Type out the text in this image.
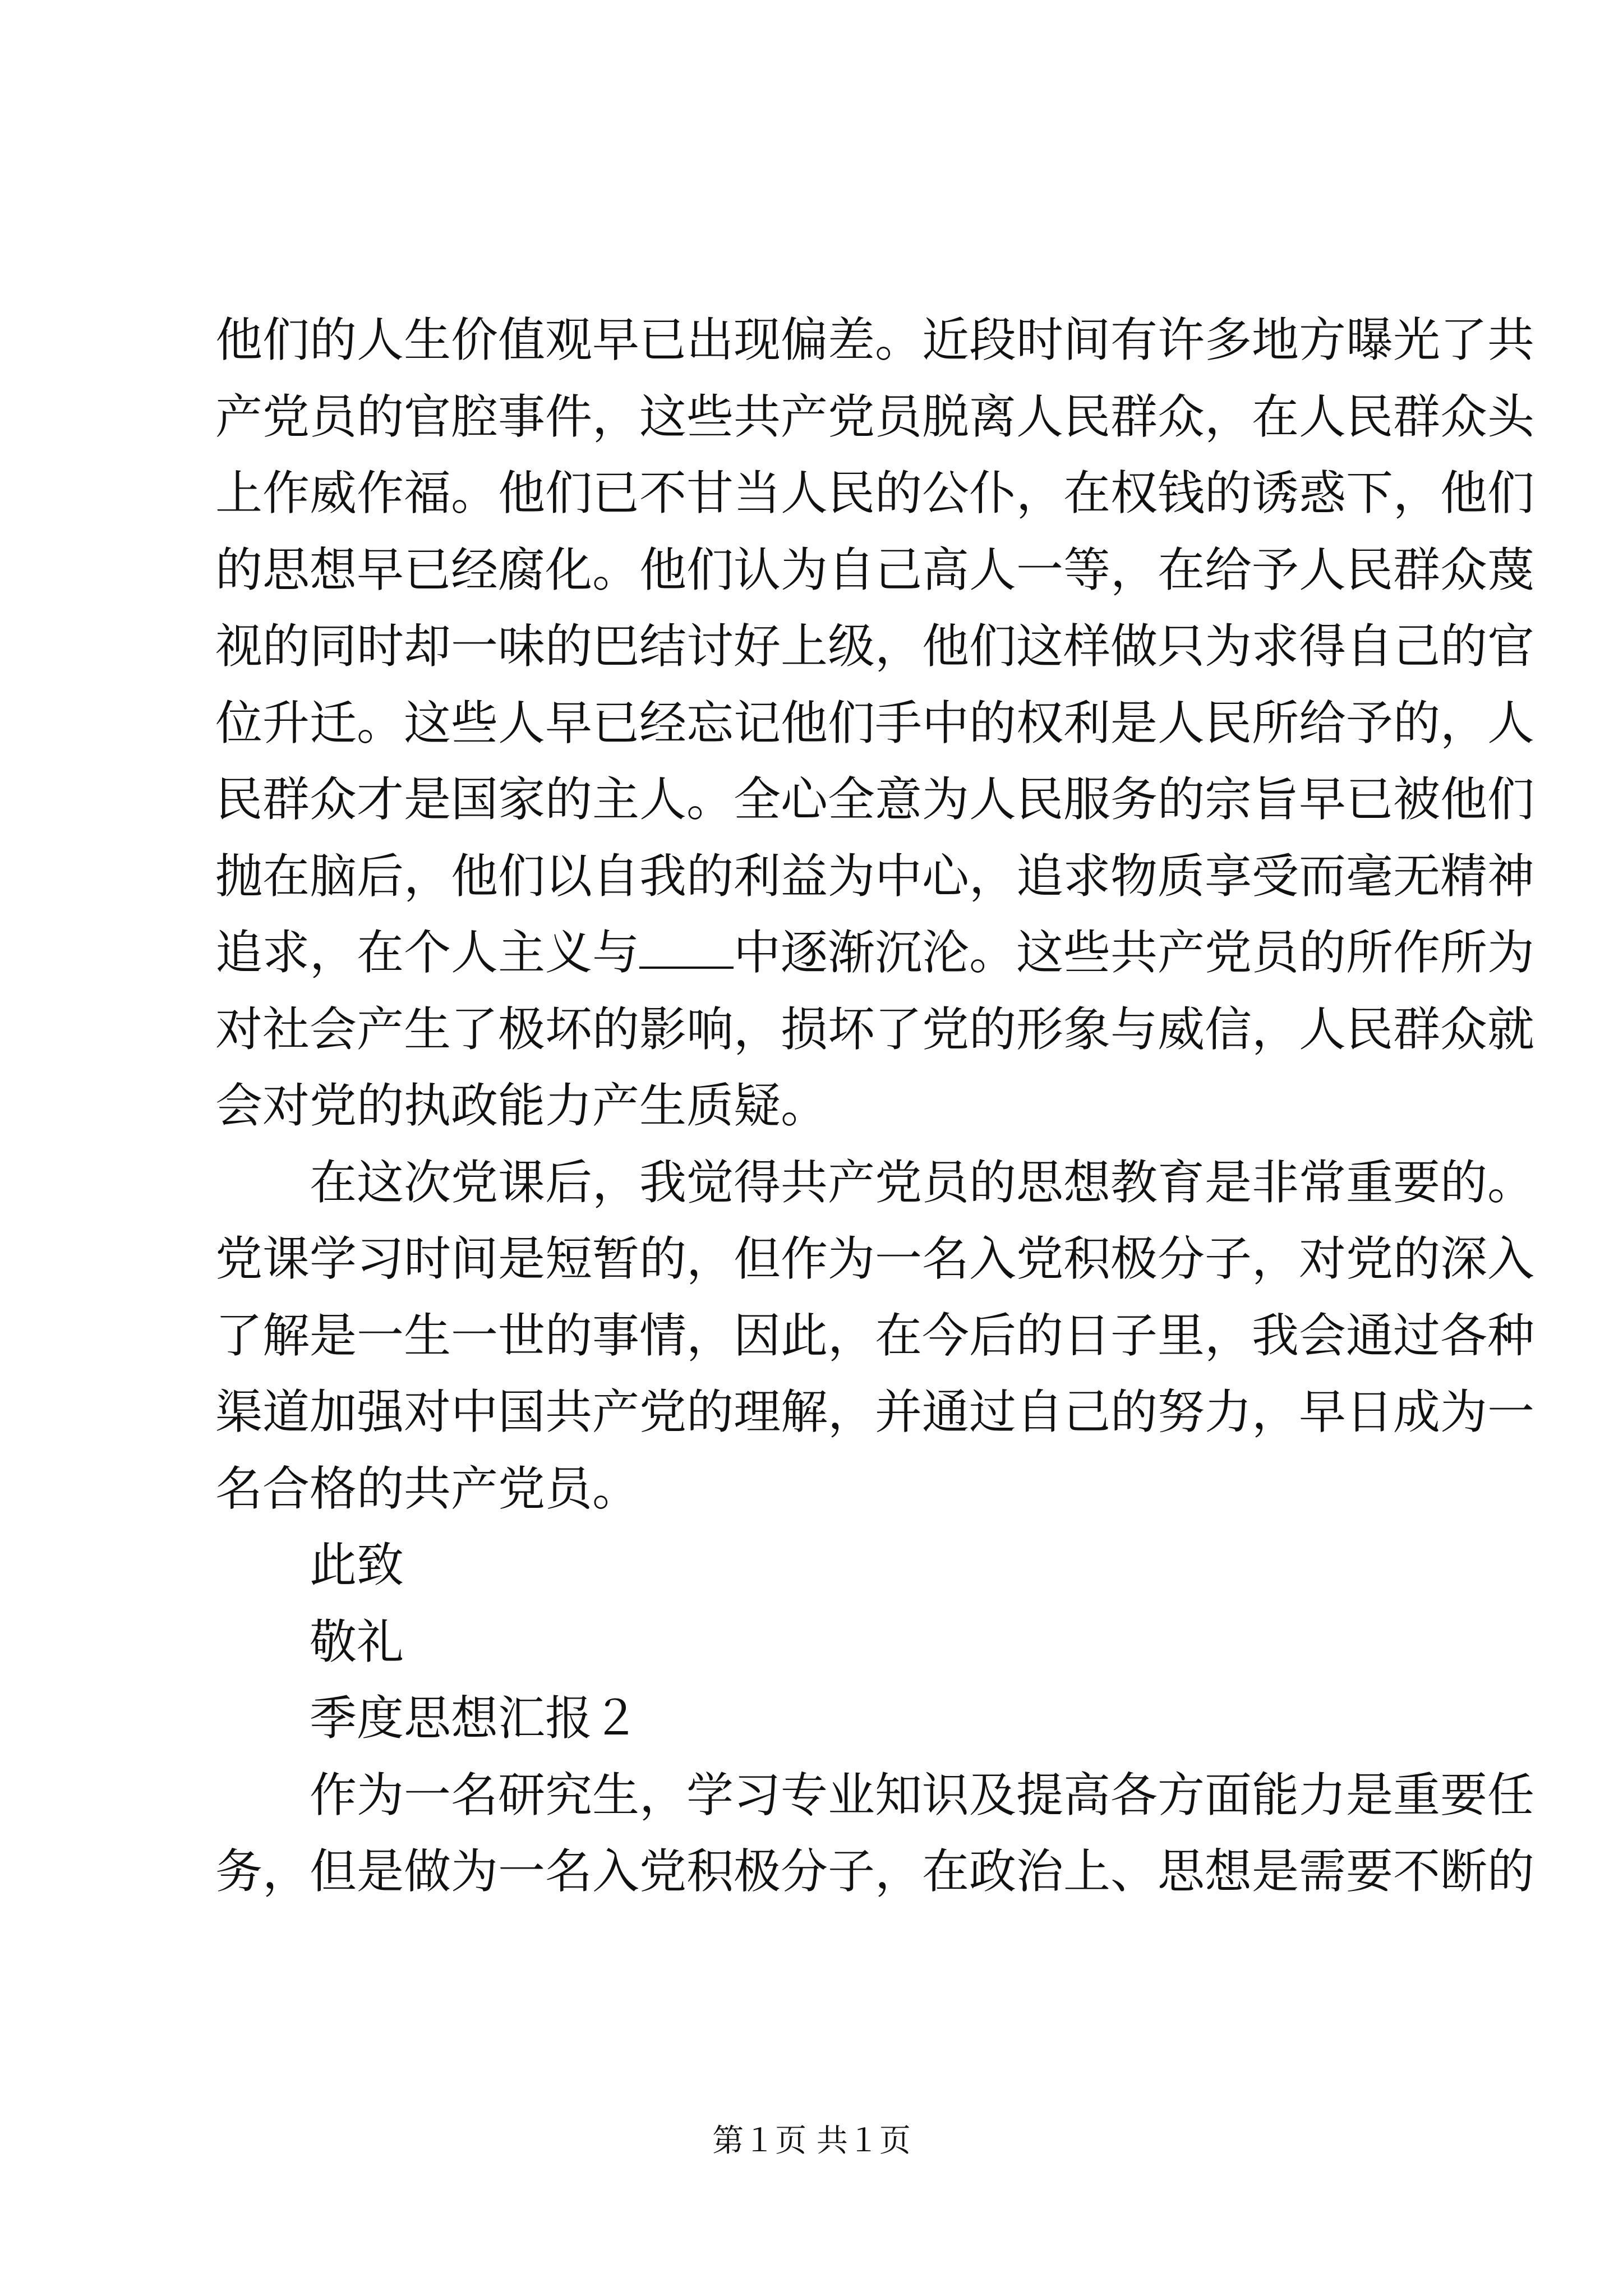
他们的人生价值观早已出现偏差。近段时间有许多地方曝光了共
产党员的官腔事件，这些共产党员脱离人民群众，在人民群众头
上作威作福。他们已不甘当人民的公仆，在权钱的诱惑下，他们
的思想早已经腐化。他们认为自己高人一等，在给予人民群众蔑
视的同时却一味的巴结讨好上级，他们这样做只为求得自己的官
位升迁。这些人早已经忘记他们手中的权利是人民所给予的，人
民群众才是国家的主人。全心全意为人民服务的宗旨早已被他们
抛在脑后，他们以自我的利益为中心，追求物质享受而毫无精神
追求，在个人主义与 中逐渐沉沦。这些共产党员的所作所为
对社会产生了极坏的影响，损坏了党的形象与威信，人民群众就
会对党的执政能力产生质疑。
在这次党课后，我觉得共产党员的思想教育是非常重要的。
党课学习时间是短暂的，但作为一名入党积极分子，对党的深入
了解是一生一世的事情，因此，在今后的日子里，我会通过各种
渠道加强对中国共产党的理解，并通过自己的努力，早日成为一
名合格的共产党员。
此致
敬礼
季度思想汇报２
作为一名研究生，学习专业知识及提高各方面能力是重要任
务，但是做为一名入党积极分子，在政治上、思想是需要不断的
第１页 共１页
